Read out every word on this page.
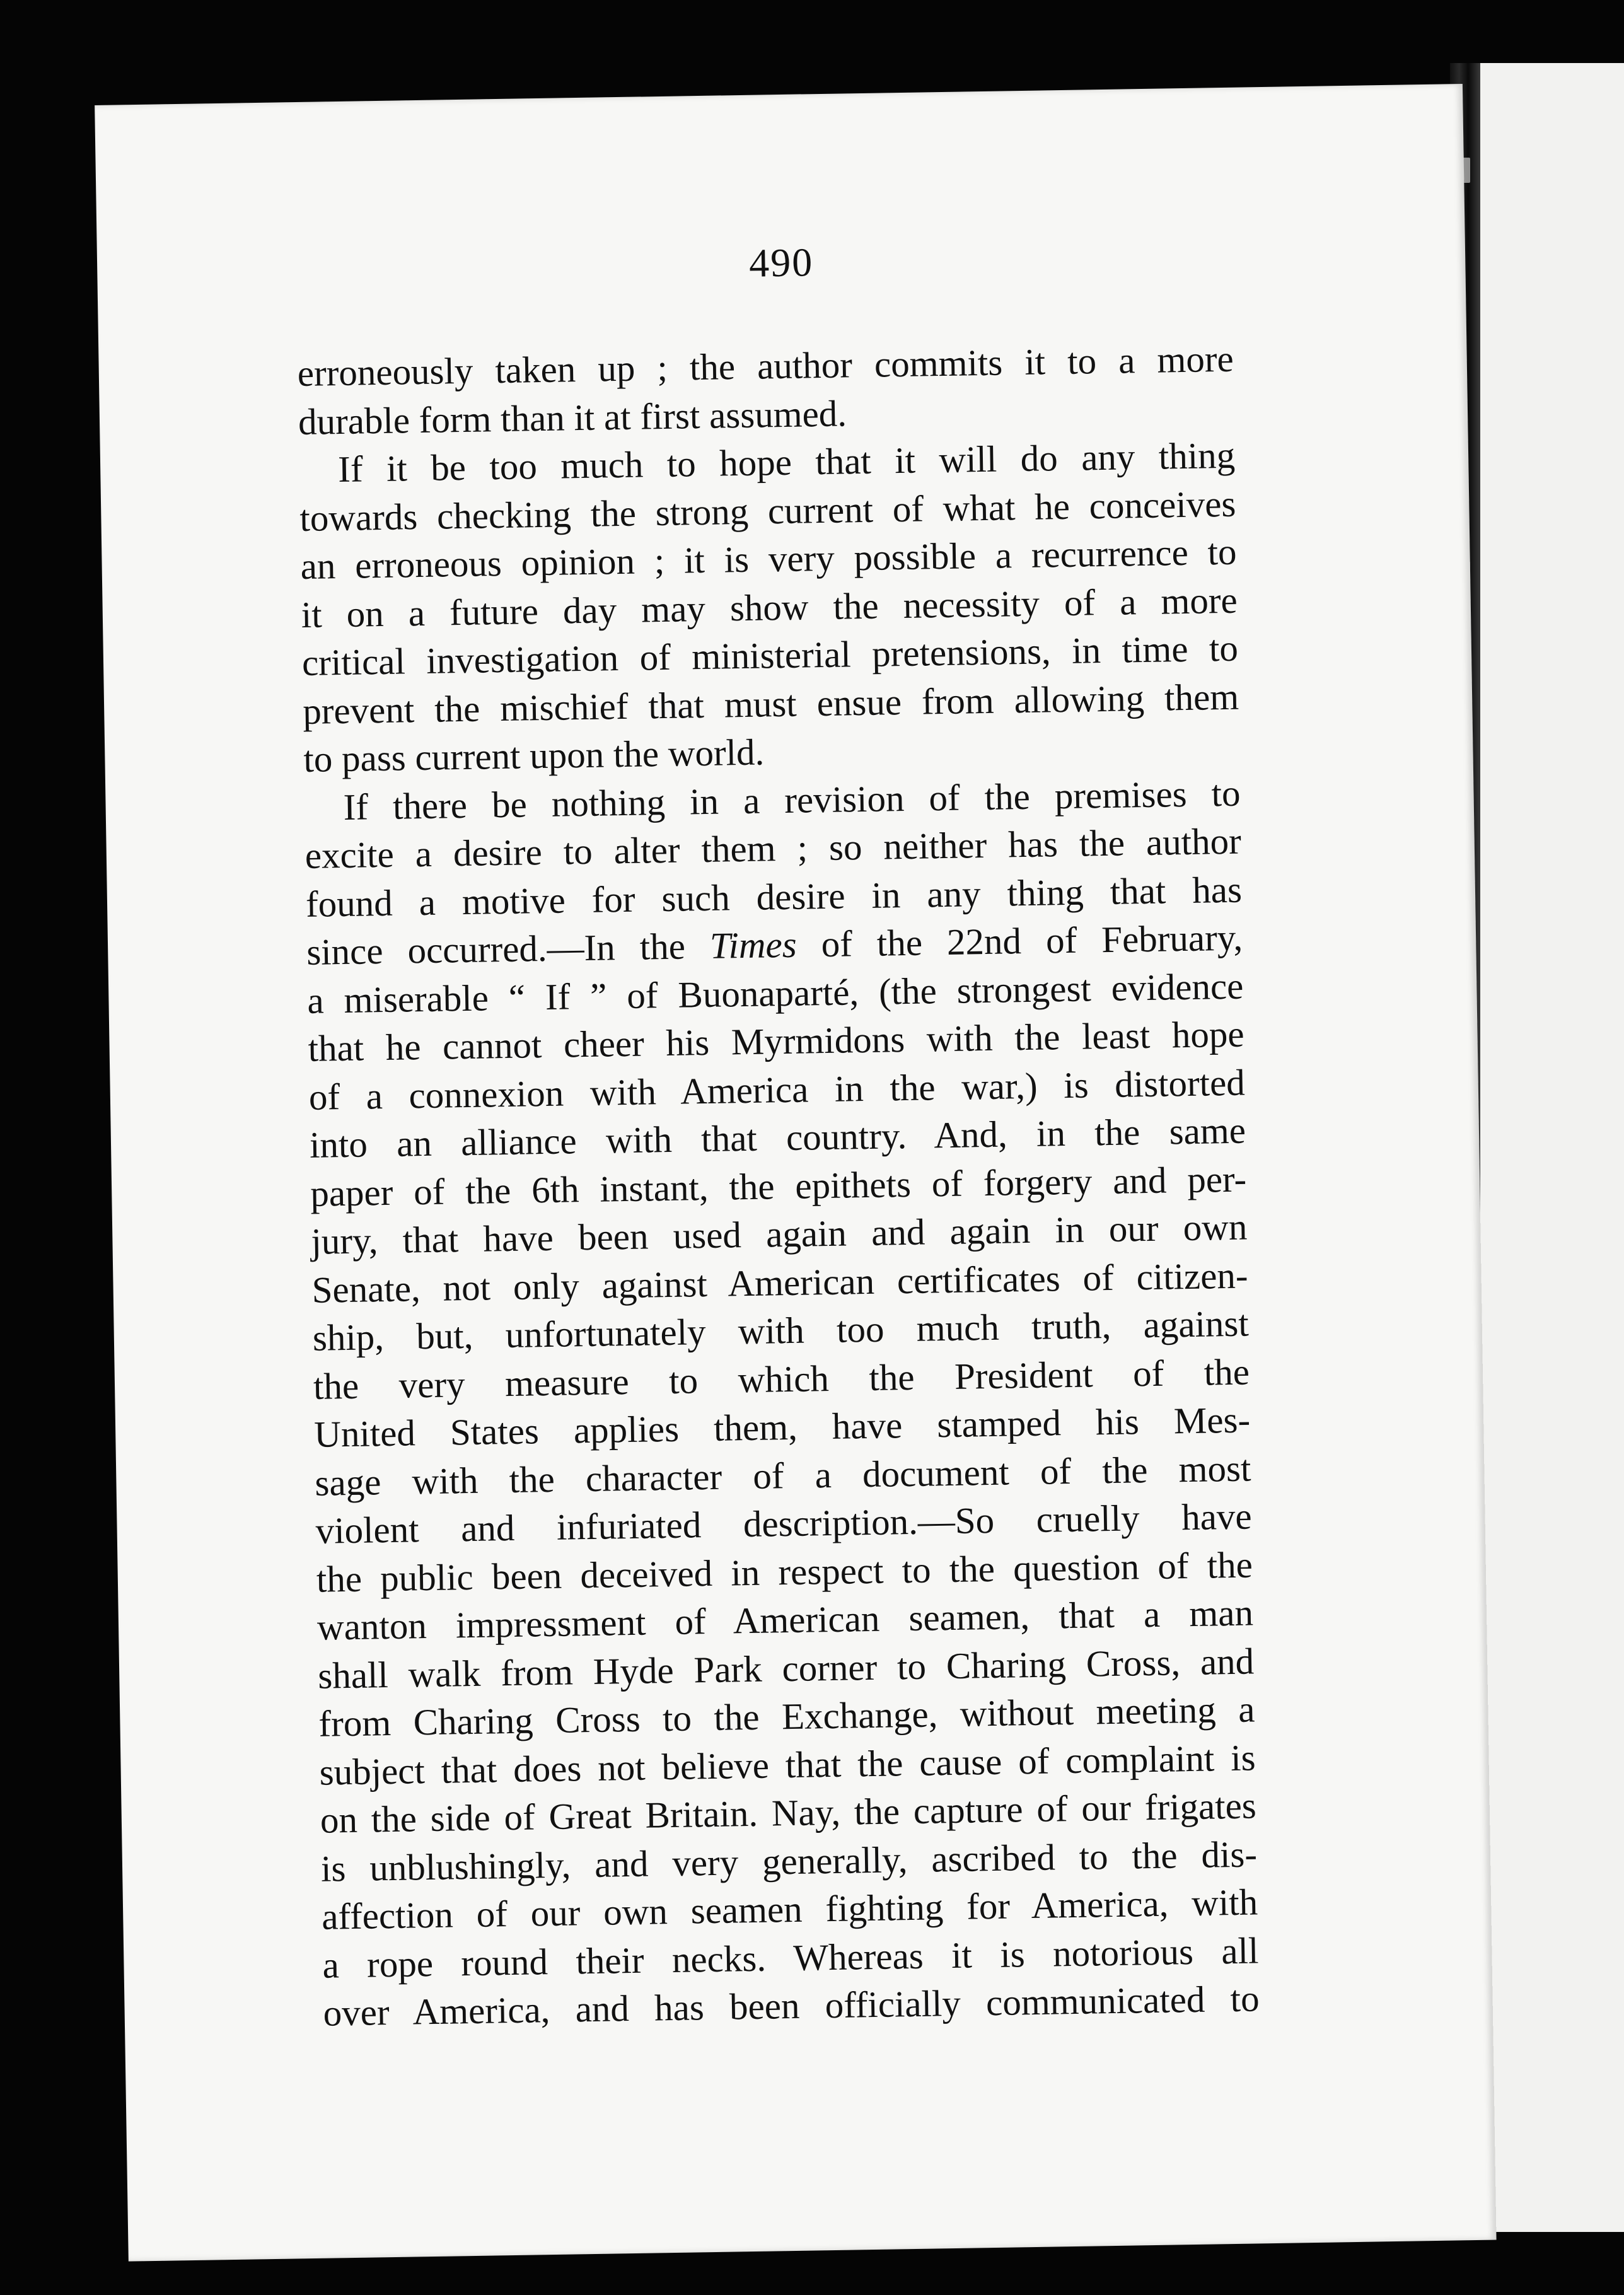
490
erroneously taken up ; the author commits it to a more
durable form than it at first assumed.
If it be too much to hope that it will do any thing
towards checking the strong current of what he conceives
an erroneous opinion ; it is very possible a recurrence to
it on a future day may show the necessity of a more
critical investigation of ministerial pretensions, in time to
prevent the mischief that must ensue from allowing them
to pass current upon the world.
If there be nothing in a revision of the premises to
excite a desire to alter them ; so neither has the author
found a motive for such desire in any thing that has
since occurred.—In the Times of the 22nd of February,
a miserable “ If ” of Buonaparté, (the strongest evidence
that he cannot cheer his Myrmidons with the least hope
of a connexion with America in the war,) is distorted
into an alliance with that country. And, in the same
paper of the 6th instant, the epithets of forgery and per-
jury, that have been used again and again in our own
Senate, not only against American certificates of citizen-
ship, but, unfortunately with too much truth, against
the very measure to which the President of the
United States applies them, have stamped his Mes-
sage with the character of a document of the most
violent and infuriated description.—So cruelly have
the public been deceived in respect to the question of the
wanton impressment of American seamen, that a man
shall walk from Hyde Park corner to Charing Cross, and
from Charing Cross to the Exchange, without meeting a
subject that does not believe that the cause of complaint is
on the side of Great Britain. Nay, the capture of our frigates
is unblushingly, and very generally, ascribed to the dis-
affection of our own seamen fighting for America, with
a rope round their necks. Whereas it is notorious all
over America, and has been officially communicated to
